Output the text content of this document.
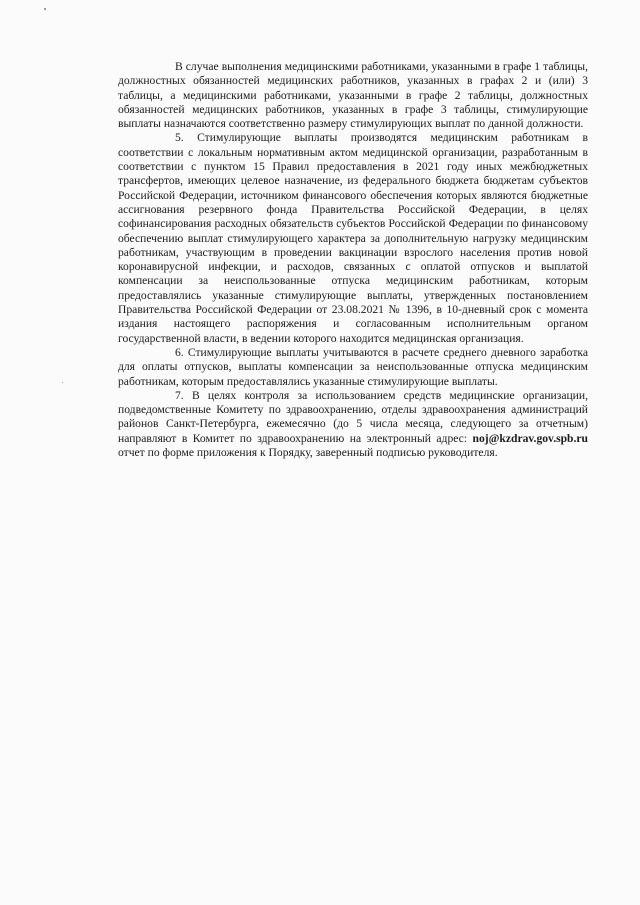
В случае выполнения медицинскими работниками, указанными в графе 1 таблицы, должностных обязанностей медицинских работников, указанных в графах 2 и (или) 3 таблицы, а медицинскими работниками, указанными в графе 2 таблицы, должностных обязанностей медицинских работников, указанных в графе 3 таблицы, стимулирующие выплаты назначаются соответственно размеру стимулирующих выплат по данной должности.

5. Стимулирующие выплаты производятся медицинским работникам в соответствии с локальным нормативным актом медицинской организации, разработанным в соответствии с пунктом 15 Правил предоставления в 2021 году иных межбюджетных трансфертов, имеющих целевое назначение, из федерального бюджета бюджетам субъектов Российской Федерации, источником финансового обеспечения которых являются бюджетные ассигнования резервного фонда Правительства Российской Федерации, в целях софинансирования расходных обязательств субъектов Российской Федерации по финансовому обеспечению выплат стимулирующего характера за дополнительную нагрузку медицинским работникам, участвующим в проведении вакцинации взрослого населения против новой коронавирусной инфекции, и расходов, связанных с оплатой отпусков и выплатой компенсации за неиспользованные отпуска медицинским работникам, которым предоставлялись указанные стимулирующие выплаты, утвержденных постановлением Правительства Российской Федерации от 23.08.2021 № 1396, в 10-дневный срок с момента издания настоящего распоряжения и согласованным исполнительным органом государственной власти, в ведении которого находится медицинская организация.

6. Стимулирующие выплаты учитываются в расчете среднего дневного заработка для оплаты отпусков, выплаты компенсации за неиспользованные отпуска медицинским работникам, которым предоставлялись указанные стимулирующие выплаты.

7. В целях контроля за использованием средств медицинские организации, подведомственные Комитету по здравоохранению, отделы здравоохранения администраций районов Санкт-Петербурга, ежемесячно (до 5 числа месяца, следующего за отчетным) направляют в Комитет по здравоохранению на электронный адрес: noj@kzdrav.gov.spb.ru отчет по форме приложения к Порядку, заверенный подписью руководителя.
